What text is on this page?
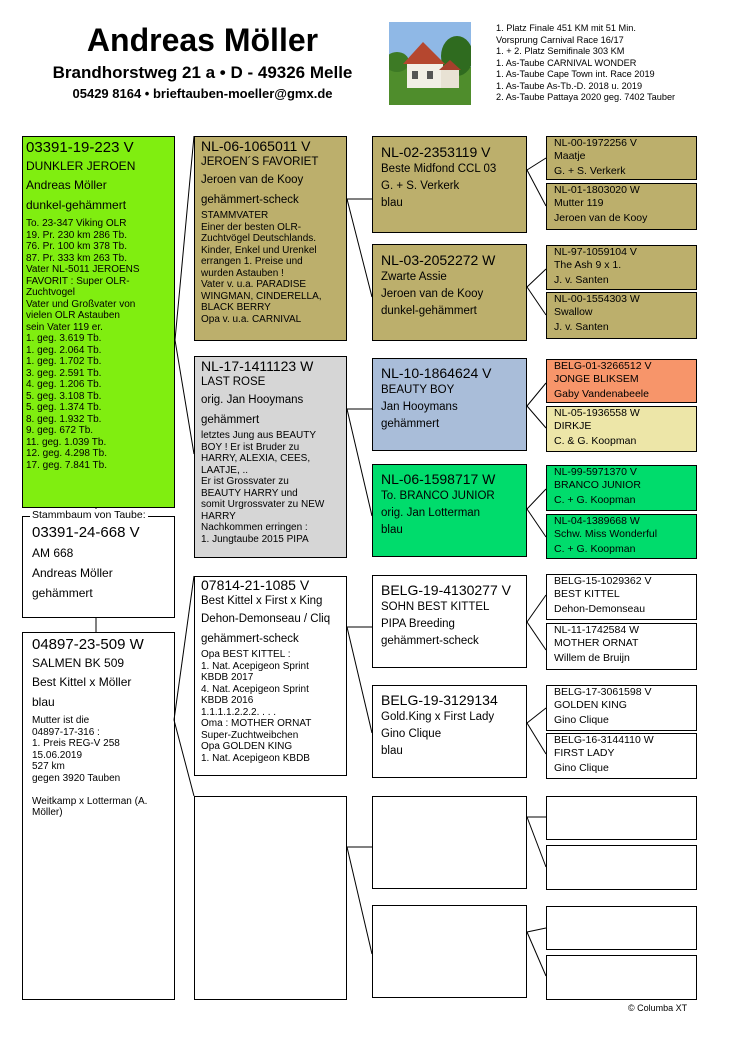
Andreas Möller
Brandhorstweg 21 a • D - 49326 Melle
05429 8164 • brieftauben-moeller@gmx.de
1. Platz Finale 451 KM mit 51 Min.
Vorsprung Carnival Race 16/17
1. + 2. Platz Semifinale 303 KM
1. As-Taube CARNIVAL WONDER
1. As-Taube Cape Town int. Race 2019
1. As-Taube As-Tb.-D. 2018 u. 2019
2. As-Taube Pattaya 2020 geg. 7402 Tauber
03391-19-223 V
DUNKLER JEROEN
Andreas Möller
dunkel-gehämmert
To. 23-347 Viking OLR
19. Pr. 230 km 286 Tb.
76. Pr. 100 km 378 Tb.
87. Pr. 333 km 263 Tb.
Vater NL-5011 JEROENS
FAVORIT : Super OLR-
Zuchtvogel
Vater und Großvater von
vielen OLR Astauben
sein Vater 119 er.
1. geg. 3.619 Tb.
1. geg. 2.064 Tb.
1. geg. 1.702 Tb.
3. geg. 2.591 Tb.
4. geg. 1.206 Tb.
5. geg. 3.108 Tb.
5. geg. 1.374 Tb.
8. geg. 1.932 Tb.
9. geg. 672 Tb.
11. geg. 1.039 Tb.
12. geg. 4.298 Tb.
17. geg. 7.841 Tb.
03391-24-668 V
AM 668
Andreas Möller
gehämmert
Stammbaum von Taube:
04897-23-509 W
SALMEN BK 509
Best Kittel x Möller
blau
Mutter ist die
04897-17-316 :
1. Preis REG-V 258
15.06.2019
527 km
gegen 3920 Tauben

Weitkamp x Lotterman (A.
Möller)
NL-06-1065011 V
JEROEN´S FAVORIET
Jeroen van de Kooy
gehämmert-scheck
STAMMVATER
Einer der besten OLR-
Zuchtvögel Deutschlands.
Kinder, Enkel und Urenkel
errangen 1. Preise und
wurden Astauben !
Vater v. u.a. PARADISE
WINGMAN, CINDERELLA,
BLACK BERRY
Opa v. u.a. CARNIVAL
NL-17-1411123 W
LAST ROSE
orig. Jan Hooymans
gehämmert
letztes Jung aus BEAUTY
BOY ! Er ist Bruder zu
HARRY, ALEXIA, CEES,
LAATJE, ..
Er ist Grossvater zu
BEAUTY HARRY und
somit Urgrossvater zu NEW
HARRY
Nachkommen erringen :
1. Jungtaube 2015 PIPA
07814-21-1085 V
Best Kittel x First x King
Dehon-Demonseau / Cliq
gehämmert-scheck
Opa BEST KITTEL :
1. Nat. Acepigeon Sprint
KBDB 2017
4. Nat. Acepigeon Sprint
KBDB 2016
1.1.1.1.2.2.2. . . .
Oma : MOTHER ORNAT
Super-Zuchtweibchen
Opa GOLDEN KING
1. Nat. Acepigeon KBDB
NL-02-2353119 V
Beste Midfond CCL 03
G. + S. Verkerk
blau
NL-03-2052272 W
Zwarte Assie
Jeroen van de Kooy
dunkel-gehämmert
NL-10-1864624 V
BEAUTY BOY
Jan Hooymans
gehämmert
NL-06-1598717 W
To. BRANCO JUNIOR
orig. Jan Lotterman
blau
BELG-19-4130277 V
SOHN BEST KITTEL
PIPA Breeding
gehämmert-scheck
BELG-19-3129134
Gold.King x First Lady
Gino Clique
blau
NL-00-1972256 V
Maatje
G. + S. Verkerk
NL-01-1803020 W
Mutter 119
Jeroen van de Kooy
NL-97-1059104 V
The Ash 9 x 1.
J. v. Santen
NL-00-1554303 W
Swallow
J. v. Santen
BELG-01-3266512 V
JONGE BLIKSEM
Gaby Vandenabeele
NL-05-1936558 W
DIRKJE
C. & G. Koopman
NL-99-5971370 V
BRANCO JUNIOR
C. + G. Koopman
NL-04-1389668 W
Schw. Miss Wonderful
C. + G. Koopman
BELG-15-1029362 V
BEST KITTEL
Dehon-Demonseau
NL-11-1742584 W
MOTHER ORNAT
Willem de Bruijn
BELG-17-3061598 V
GOLDEN KING
Gino Clique
BELG-16-3144110 W
FIRST LADY
Gino Clique
© Columba XT
